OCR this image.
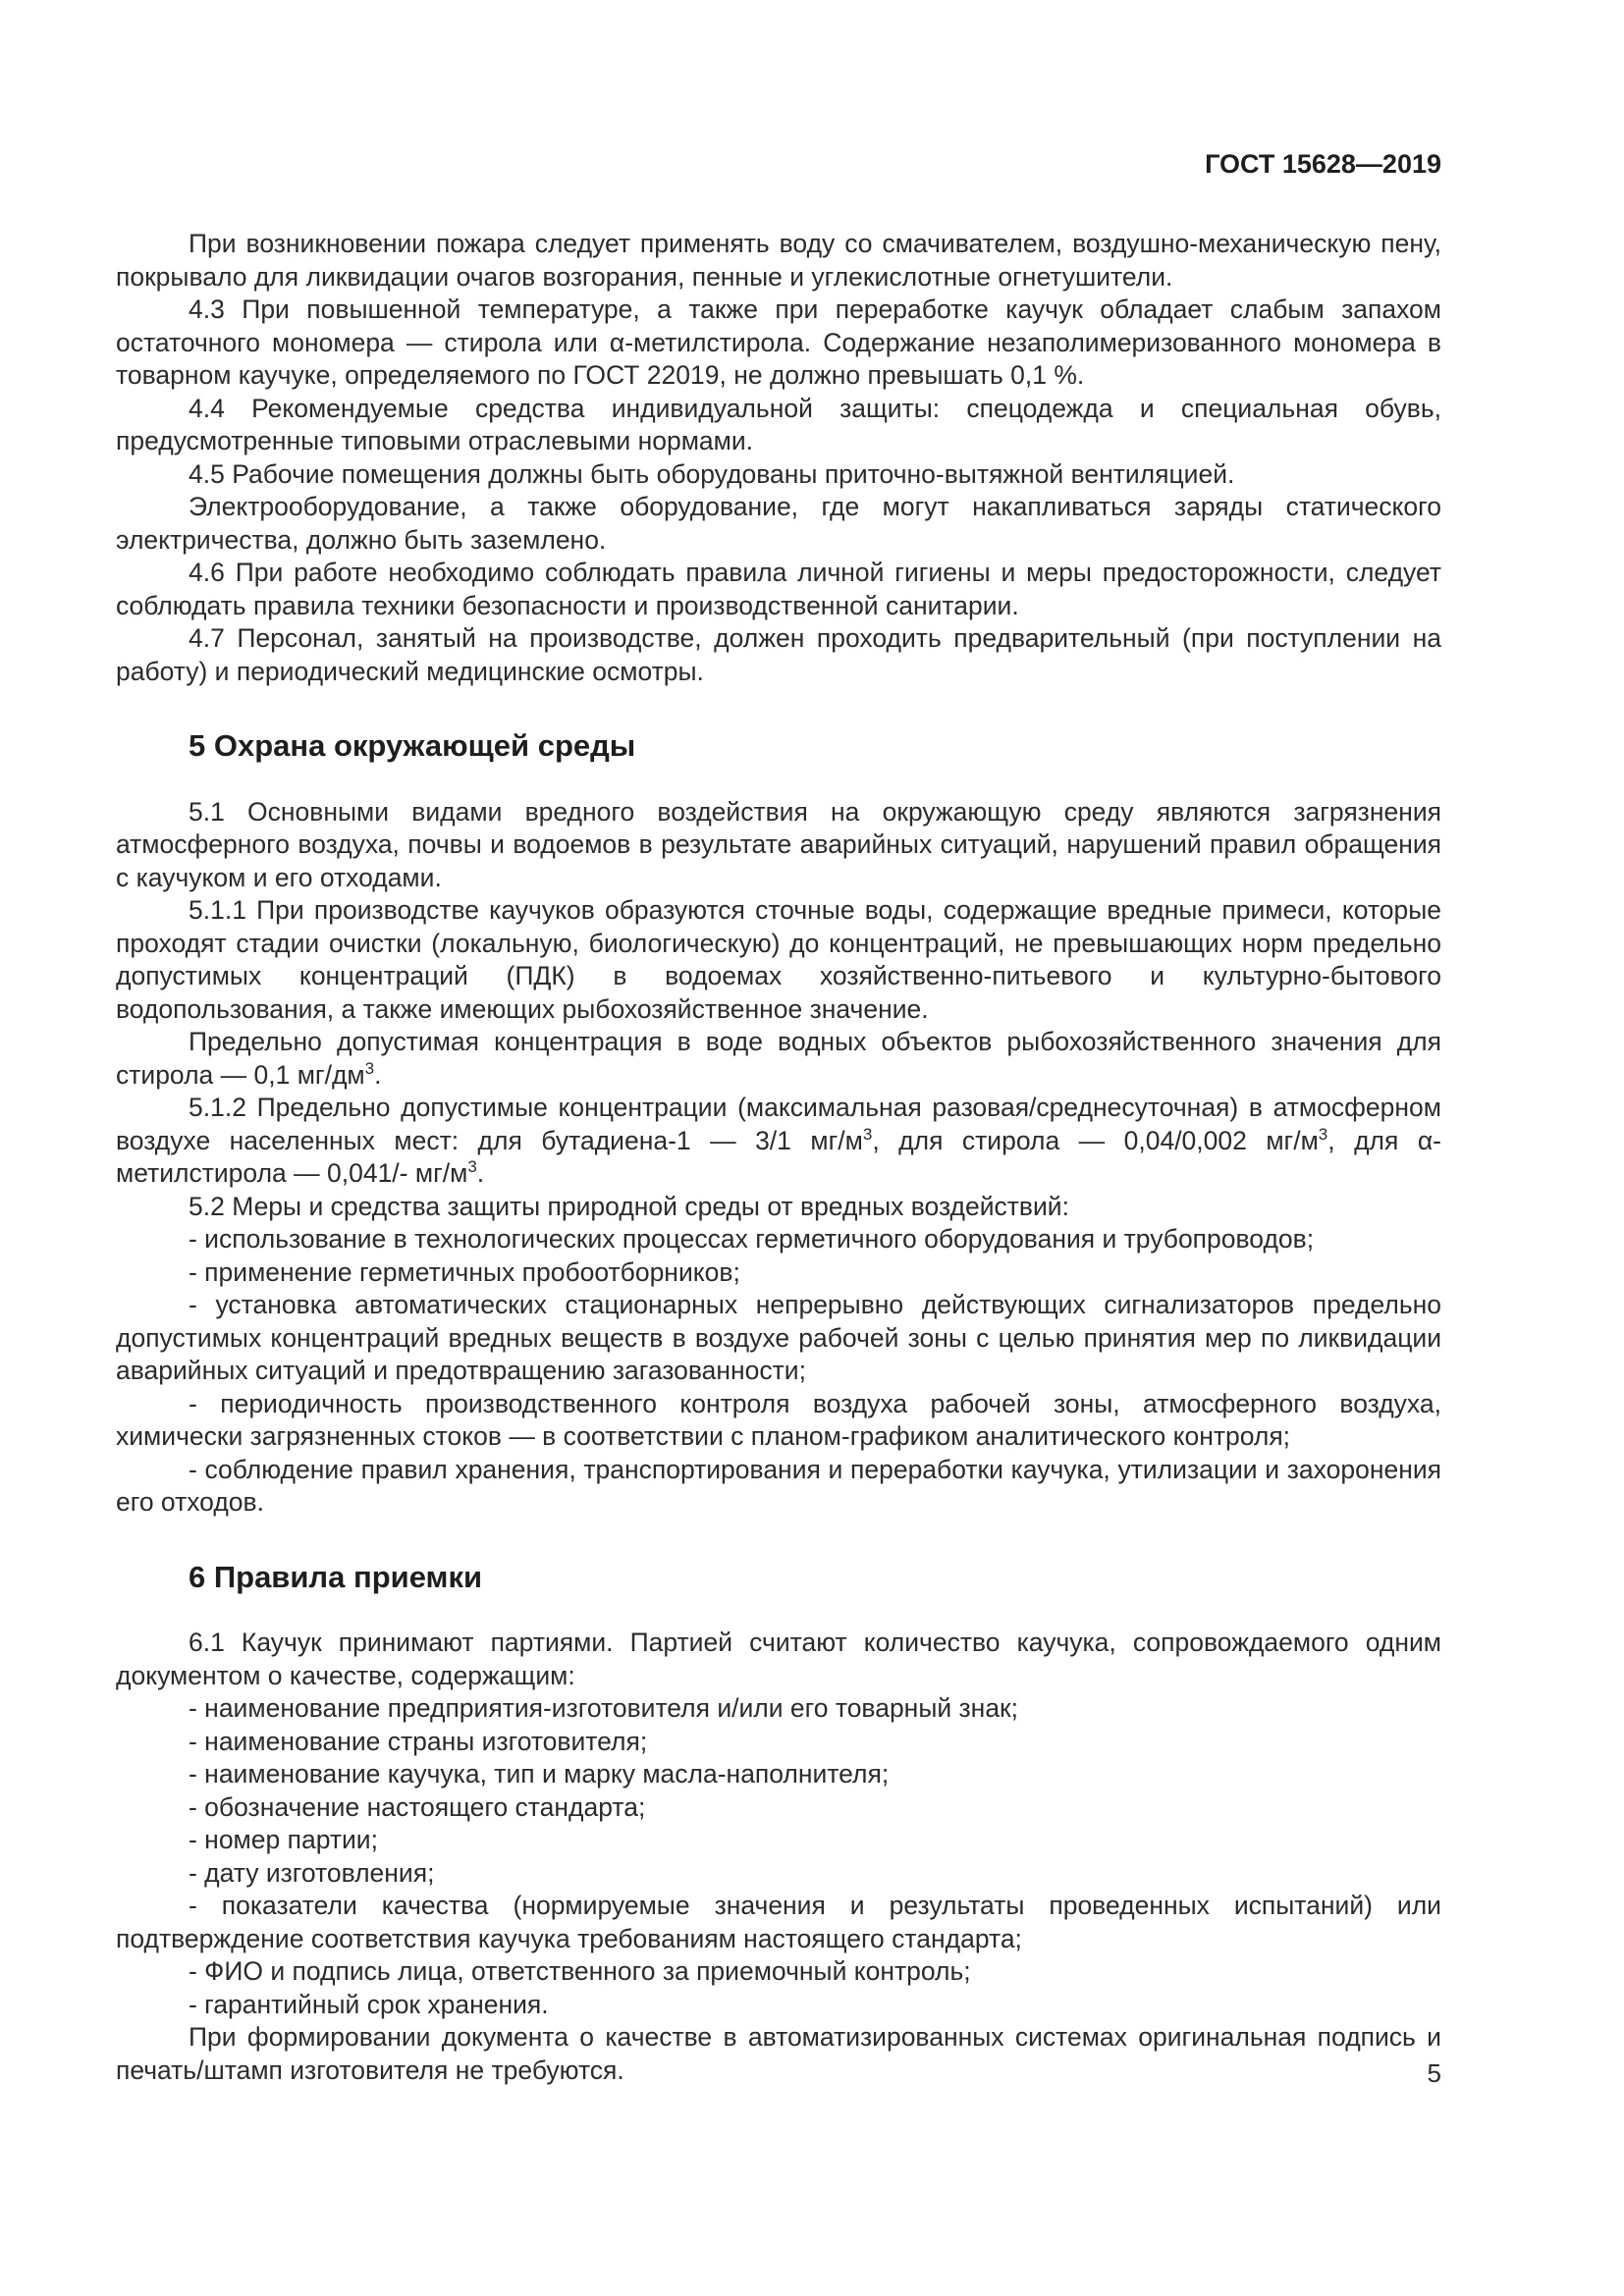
ГОСТ 15628—2019

При возникновении пожара следует применять воду со смачивателем, воздушно-механическую пену, покрывало для ликвидации очагов возгорания, пенные и углекислотные огнетушители.

4.3 При повышенной температуре, а также при переработке каучук обладает слабым запахом остаточного мономера — стирола или α-метилстирола. Содержание незаполимеризованного мономера в товарном каучуке, определяемого по ГОСТ 22019, не должно превышать 0,1 %.

4.4 Рекомендуемые средства индивидуальной защиты: спецодежда и специальная обувь, предусмотренные типовыми отраслевыми нормами.

4.5 Рабочие помещения должны быть оборудованы приточно-вытяжной вентиляцией.

Электрооборудование, а также оборудование, где могут накапливаться заряды статического электричества, должно быть заземлено.

4.6 При работе необходимо соблюдать правила личной гигиены и меры предосторожности, следует соблюдать правила техники безопасности и производственной санитарии.

4.7 Персонал, занятый на производстве, должен проходить предварительный (при поступлении на работу) и периодический медицинские осмотры.

5 Охрана окружающей среды

5.1 Основными видами вредного воздействия на окружающую среду являются загрязнения атмосферного воздуха, почвы и водоемов в результате аварийных ситуаций, нарушений правил обращения с каучуком и его отходами.

5.1.1 При производстве каучуков образуются сточные воды, содержащие вредные примеси, которые проходят стадии очистки (локальную, биологическую) до концентраций, не превышающих норм предельно допустимых концентраций (ПДК) в водоемах хозяйственно-питьевого и культурно-бытового водопользования, а также имеющих рыбохозяйственное значение.

Предельно допустимая концентрация в воде водных объектов рыбохозяйственного значения для стирола — 0,1 $мг/дм^3$.

5.1.2 Предельно допустимые концентрации (максимальная разовая/среднесуточная) в атмосферном воздухе населенных мест: для бутадиена-1 — 3/1 $мг/м^3$, для стирола — 0,04/0,002 $мг/м^3$, для α-метилстирола — 0,041/- $мг/м^3$.

5.2 Меры и средства защиты природной среды от вредных воздействий:

- использование в технологических процессах герметичного оборудования и трубопроводов;

- применение герметичных пробоотборников;

- установка автоматических стационарных непрерывно действующих сигнализаторов предельно допустимых концентраций вредных веществ в воздухе рабочей зоны с целью принятия мер по ликвидации аварийных ситуаций и предотвращению загазованности;

- периодичность производственного контроля воздуха рабочей зоны, атмосферного воздуха, химически загрязненных стоков — в соответствии с планом-графиком аналитического контроля;

- соблюдение правил хранения, транспортирования и переработки каучука, утилизации и захоронения его отходов.

6 Правила приемки

6.1 Каучук принимают партиями. Партией считают количество каучука, сопровождаемого одним документом о качестве, содержащим:

- наименование предприятия-изготовителя и/или его товарный знак;

- наименование страны изготовителя;

- наименование каучука, тип и марку масла-наполнителя;

- обозначение настоящего стандарта;

- номер партии;

- дату изготовления;

- показатели качества (нормируемые значения и результаты проведенных испытаний) или подтверждение соответствия каучука требованиям настоящего стандарта;

- ФИО и подпись лица, ответственного за приемочный контроль;

- гарантийный срок хранения.

При формировании документа о качестве в автоматизированных системах оригинальная подпись и печать/штамп изготовителя не требуются.	5
